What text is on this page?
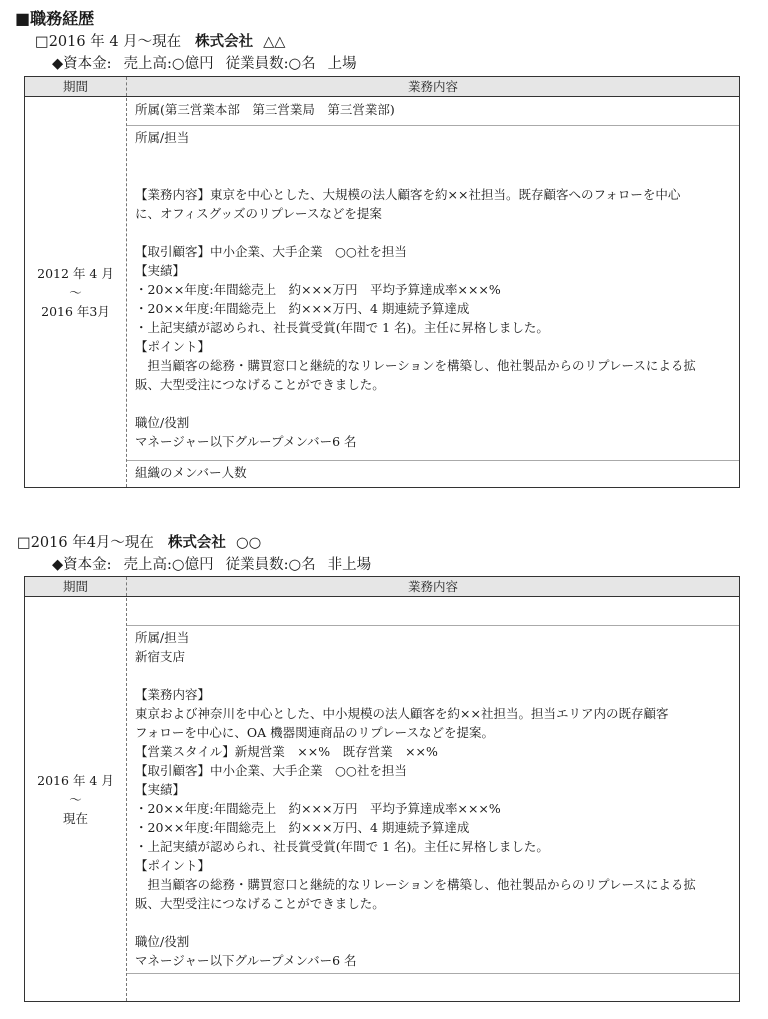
■職務経歴
□2016 年 4 月～現在 株式会社 △△
◆資本金: 売上高:○億円 従業員数:○名 上場
期間	業務内容
2012 年 4 月
～
2016 年3月
所属(第三営業本部　第三営業局　第三営業部)
所属/担当
【業務内容】東京を中心とした、大規模の法人顧客を約××社担当。既存顧客へのフォローを中心
に、オフィスグッズのリプレースなどを提案
【取引顧客】中小企業、大手企業　○○社を担当
【実績】
・20××年度:年間総売上　約×××万円　平均予算達成率×××%
・20××年度:年間総売上　約×××万円、4 期連続予算達成
・上記実績が認められ、社長賞受賞(年間で 1 名)。主任に昇格しました。
【ポイント】
　担当顧客の総務・購買窓口と継続的なリレーションを構築し、他社製品からのリプレースによる拡
販、大型受注につなげることができました。
職位/役割
マネージャー以下グループメンバー6 名
組織のメンバー人数
□2016 年4月～現在 株式会社 ○○
◆資本金: 売上高:○億円 従業員数:○名 非上場
期間	業務内容
2016 年 4 月
～
現在
所属/担当
新宿支店
【業務内容】
東京および神奈川を中心とした、中小規模の法人顧客を約××社担当。担当エリア内の既存顧客
フォローを中心に、OA 機器関連商品のリプレースなどを提案。
【営業スタイル】新規営業　××%　既存営業　××%
【取引顧客】中小企業、大手企業　○○社を担当
【実績】
・20××年度:年間総売上　約×××万円　平均予算達成率×××%
・20××年度:年間総売上　約×××万円、4 期連続予算達成
・上記実績が認められ、社長賞受賞(年間で 1 名)。主任に昇格しました。
【ポイント】
　担当顧客の総務・購買窓口と継続的なリレーションを構築し、他社製品からのリプレースによる拡
販、大型受注につなげることができました。
職位/役割
マネージャー以下グループメンバー6 名
